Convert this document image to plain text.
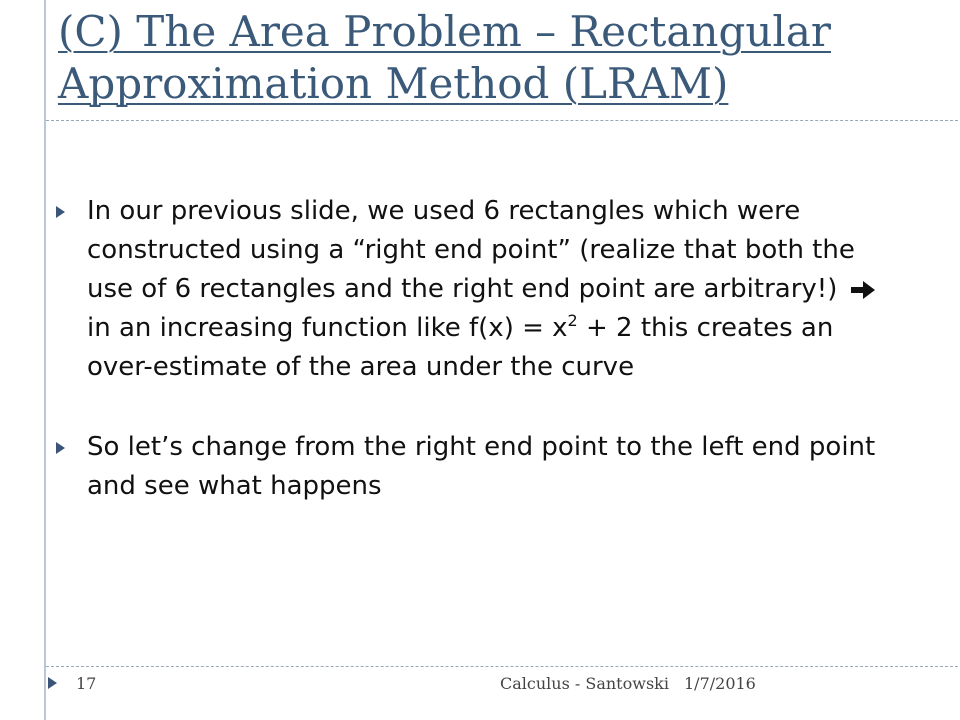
(C) The Area Problem – Rectangular
Approximation Method (LRAM)
In our previous slide, we used 6 rectangles which were constructed using a “right end point” (realize that both the use of 6 rectangles and the right end point are arbitrary!)
in an increasing function like $f(x) = x^2 + 2$ this creates an over-estimate of the area under the curve
So let’s change from the right end point to the left end point and see what happens
17	Calculus - Santowski 1/7/2016
